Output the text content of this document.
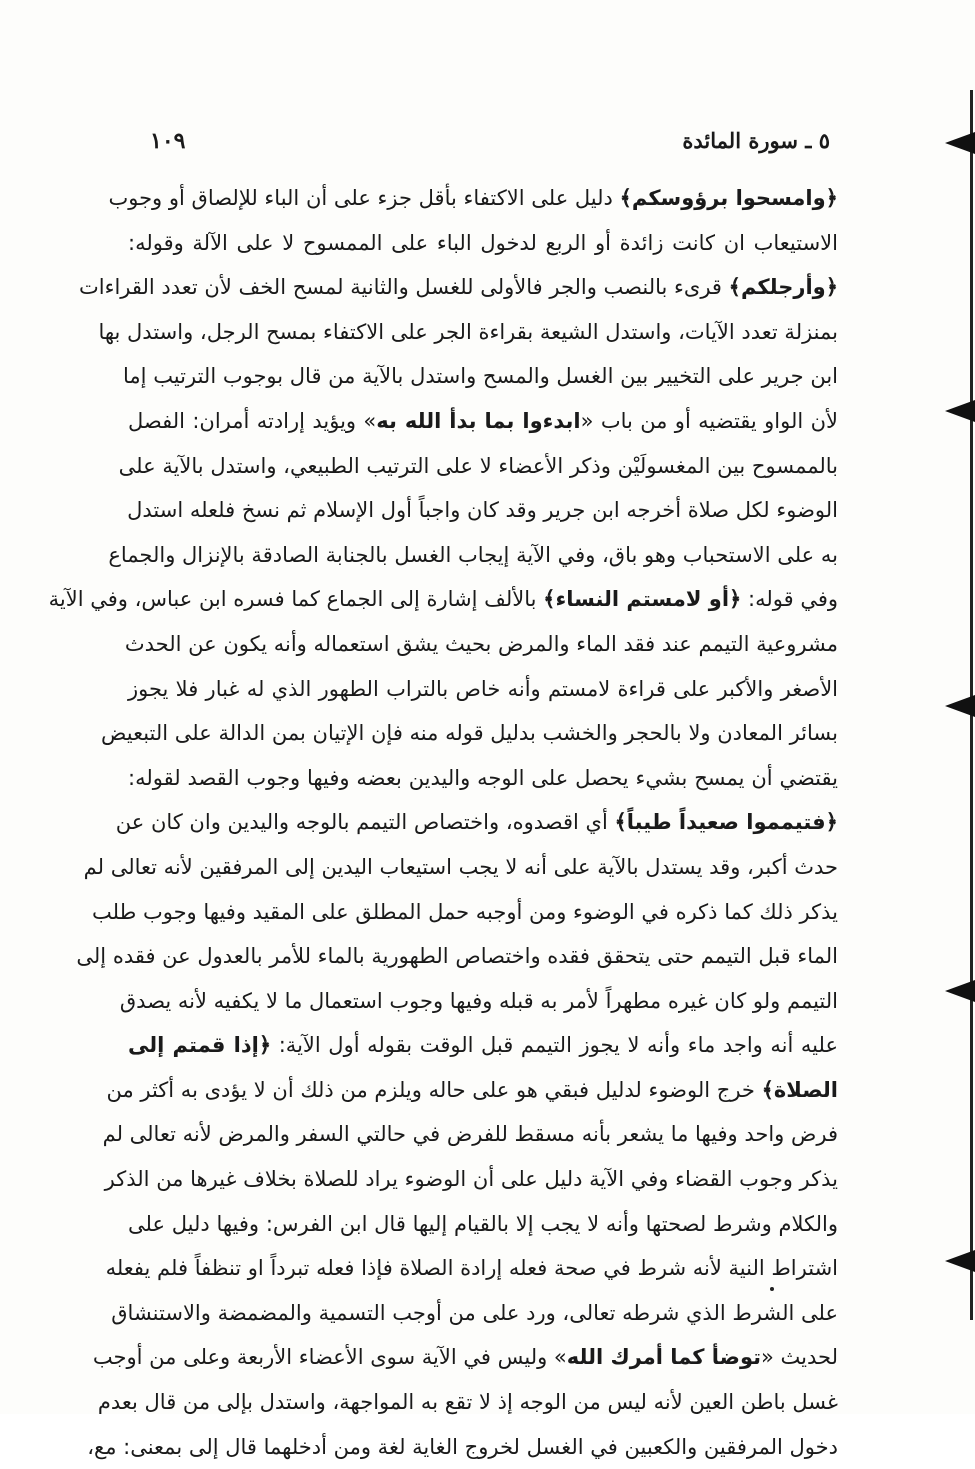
٥ ـ سورة المائدة
١٠٩
﴿وامسحوا برؤوسكم﴾ دليل على الاكتفاء بأقل جزء على أن الباء للإلصاق أو وجوب
الاستيعاب ان كانت زائدة أو الربع لدخول الباء على الممسوح لا على الآلة وقوله:
﴿وأرجلكم﴾ قرىء بالنصب والجر فالأولى للغسل والثانية لمسح الخف لأن تعدد القراءات
بمنزلة تعدد الآيات، واستدل الشيعة بقراءة الجر على الاكتفاء بمسح الرجل، واستدل بها
ابن جرير على التخيير بين الغسل والمسح واستدل بالآية من قال بوجوب الترتيب إما
لأن الواو يقتضيه أو من باب «ابدءوا بما بدأ الله به» ويؤيد إرادته أمران: الفصل
بالممسوح بين المغسولَيْن وذكر الأعضاء لا على الترتيب الطبيعي، واستدل بالآية على
الوضوء لكل صلاة أخرجه ابن جرير وقد كان واجباً أول الإسلام ثم نسخ فلعله استدل
به على الاستحباب وهو باق، وفي الآية إيجاب الغسل بالجنابة الصادقة بالإنزال والجماع
وفي قوله: ﴿أو لامستم النساء﴾ بالألف إشارة إلى الجماع كما فسره ابن عباس، وفي الآية
مشروعية التيمم عند فقد الماء والمرض بحيث يشق استعماله وأنه يكون عن الحدث
الأصغر والأكبر على قراءة لامستم وأنه خاص بالتراب الطهور الذي له غبار فلا يجوز
بسائر المعادن ولا بالحجر والخشب بدليل قوله منه فإن الإتيان بمن الدالة على التبعيض
يقتضي أن يمسح بشيء يحصل على الوجه واليدين بعضه وفيها وجوب القصد لقوله:
﴿فتيمموا صعيداً طيباً﴾ أي اقصدوه، واختصاص التيمم بالوجه واليدين وان كان عن
حدث أكبر، وقد يستدل بالآية على أنه لا يجب استيعاب اليدين إلى المرفقين لأنه تعالى لم
يذكر ذلك كما ذكره في الوضوء ومن أوجبه حمل المطلق على المقيد وفيها وجوب طلب
الماء قبل التيمم حتى يتحقق فقده واختصاص الطهورية بالماء للأمر بالعدول عن فقده إلى
التيمم ولو كان غيره مطهراً لأمر به قبله وفيها وجوب استعمال ما لا يكفيه لأنه يصدق
عليه أنه واجد ماء وأنه لا يجوز التيمم قبل الوقت بقوله أول الآية: ﴿إذا قمتم إلى
الصلاة﴾ خرج الوضوء لدليل فبقي هو على حاله ويلزم من ذلك أن لا يؤدى به أكثر من
فرض واحد وفيها ما يشعر بأنه مسقط للفرض في حالتي السفر والمرض لأنه تعالى لم
يذكر وجوب القضاء وفي الآية دليل على أن الوضوء يراد للصلاة بخلاف غيرها من الذكر
والكلام وشرط لصحتها وأنه لا يجب إلا بالقيام إليها قال ابن الفرس: وفيها دليل على
اشتراط النية لأنه شرط في صحة فعله إرادة الصلاة فإذا فعله تبرداً او تنظفاً فلم يفعله
على الشرط الذي شرطه تعالى، ورد على من أوجب التسمية والمضمضة والاستنشاق
لحديث «توضأ كما أمرك الله» وليس في الآية سوى الأعضاء الأربعة وعلى من أوجب
غسل باطن العين لأنه ليس من الوجه إذ لا تقع به المواجهة، واستدل بإلى من قال بعدم
دخول المرفقين والكعبين في الغسل لخروج الغاية لغة ومن أدخلهما قال إلى بمعنى: مع،
